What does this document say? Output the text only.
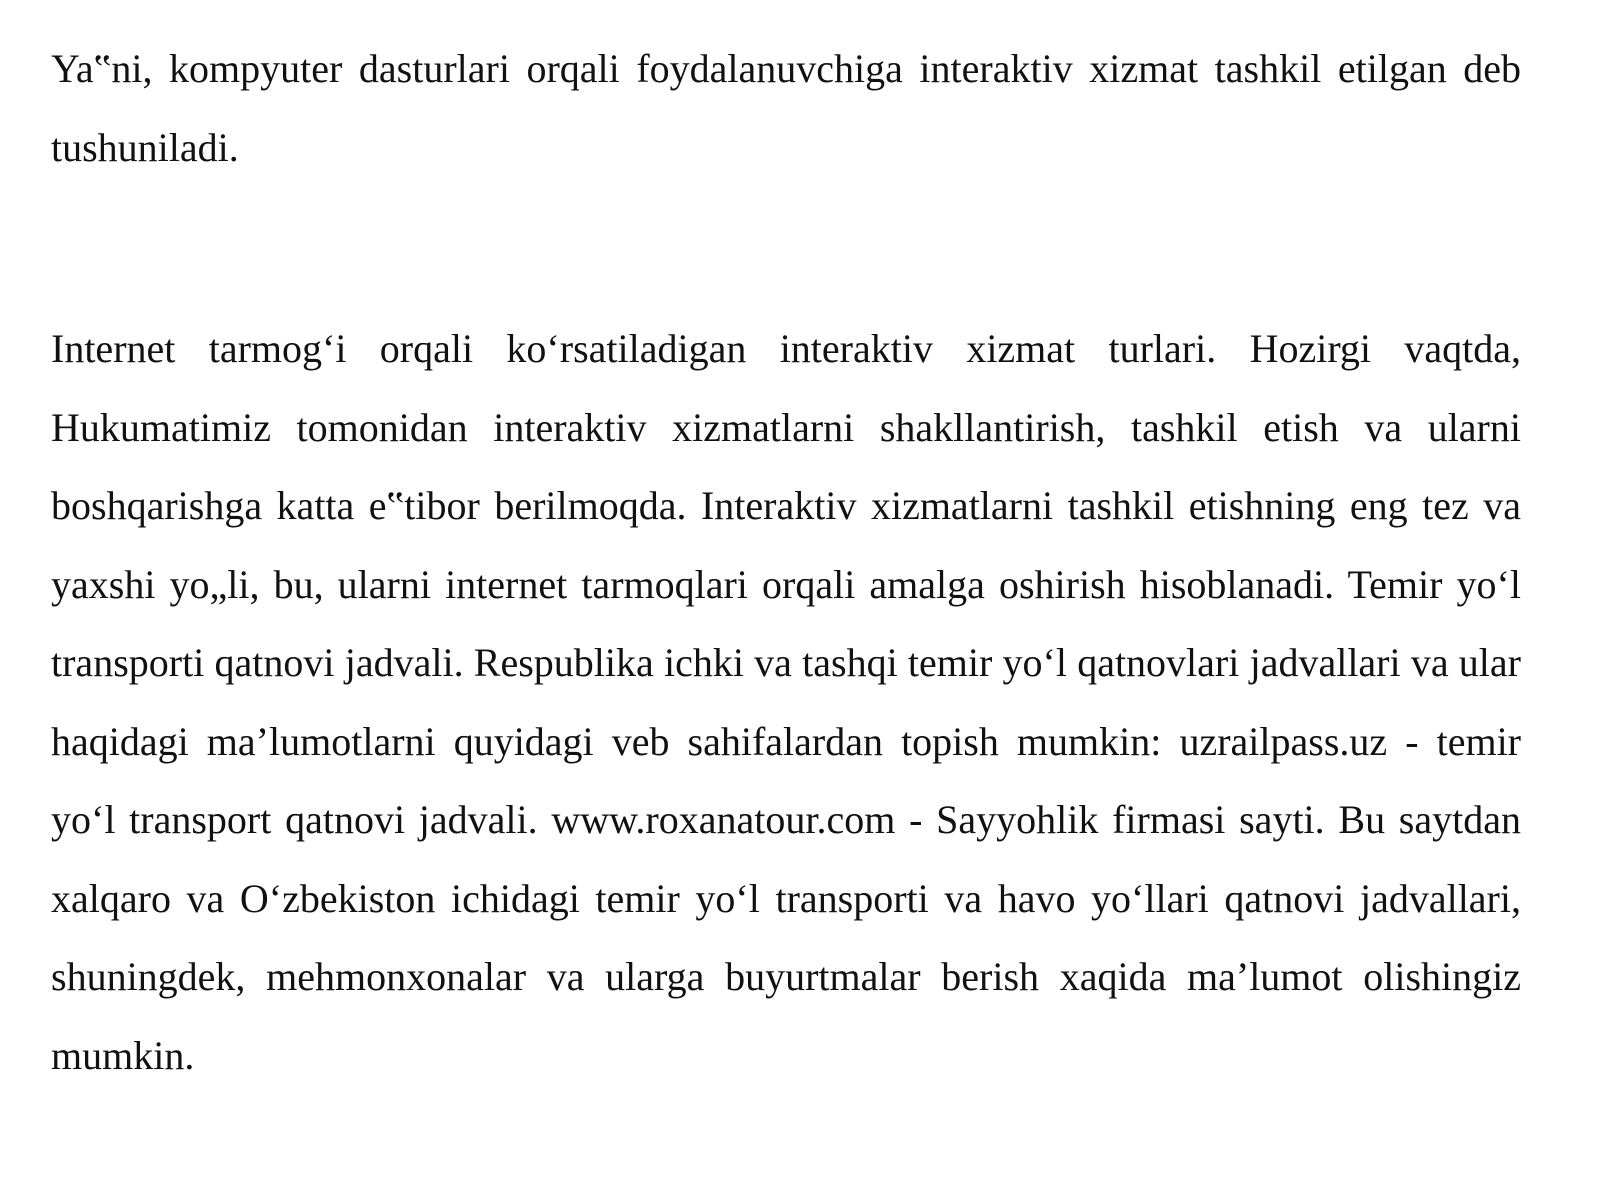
Ya‟ni, kompyuter dasturlari orqali foydalanuvchiga interaktiv xizmat tashkil etilgan deb tushuniladi.

Internet tarmog‘i orqali ko‘rsatiladigan interaktiv xizmat turlari. Hozirgi vaqtda, Hukumatimiz tomonidan interaktiv xizmatlarni shakllantirish, tashkil etish va ularni boshqarishga katta e‟tibor berilmoqda. Interaktiv xizmatlarni tashkil etishning eng tez va yaxshi yo„li, bu, ularni internet tarmoqlari orqali amalga oshirish hisoblanadi. Temir yo‘l transporti qatnovi jadvali. Respublika ichki va tashqi temir yo‘l qatnovlari jadvallari va ular haqidagi ma’lumotlarni quyidagi veb sahifalardan topish mumkin: uzrailpass.uz - temir yo‘l transport qatnovi jadvali. www.roxanatour.com - Sayyohlik firmasi sayti. Bu saytdan xalqaro va O‘zbekiston ichidagi temir yo‘l transporti va havo yo‘llari qatnovi jadvallari, shuningdek, mehmonxonalar va ularga buyurtmalar berish xaqida ma’lumot olishingiz mumkin.
